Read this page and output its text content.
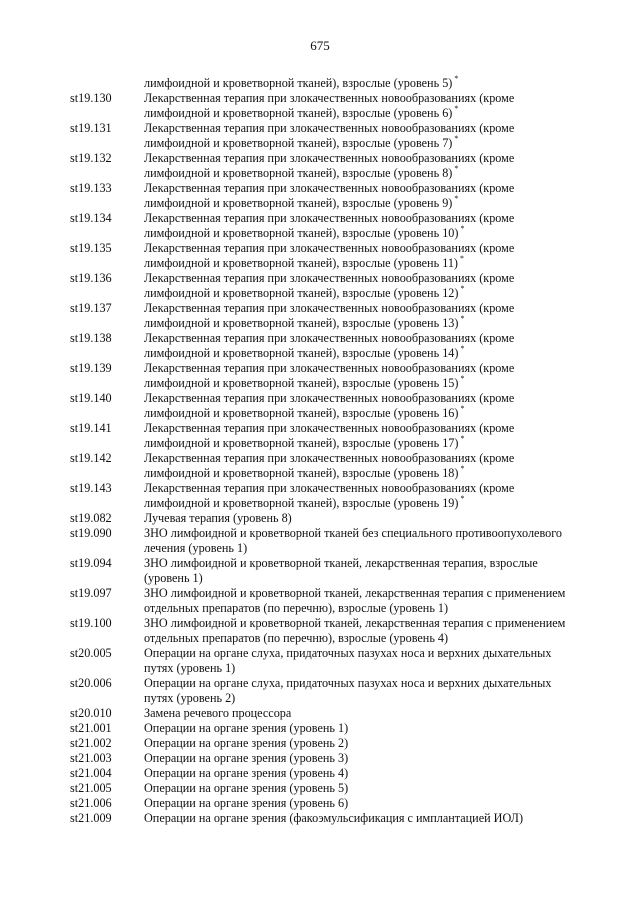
675
лимфоидной и кроветворной тканей), взрослые (уровень 5) *
st19.130	Лекарственная терапия при злокачественных новообразованиях (кроме
лимфоидной и кроветворной тканей), взрослые (уровень 6) *
st19.131	Лекарственная терапия при злокачественных новообразованиях (кроме
лимфоидной и кроветворной тканей), взрослые (уровень 7) *
st19.132	Лекарственная терапия при злокачественных новообразованиях (кроме
лимфоидной и кроветворной тканей), взрослые (уровень 8) *
st19.133	Лекарственная терапия при злокачественных новообразованиях (кроме
лимфоидной и кроветворной тканей), взрослые (уровень 9) *
st19.134	Лекарственная терапия при злокачественных новообразованиях (кроме
лимфоидной и кроветворной тканей), взрослые (уровень 10) *
st19.135	Лекарственная терапия при злокачественных новообразованиях (кроме
лимфоидной и кроветворной тканей), взрослые (уровень 11) *
st19.136	Лекарственная терапия при злокачественных новообразованиях (кроме
лимфоидной и кроветворной тканей), взрослые (уровень 12) *
st19.137	Лекарственная терапия при злокачественных новообразованиях (кроме
лимфоидной и кроветворной тканей), взрослые (уровень 13) *
st19.138	Лекарственная терапия при злокачественных новообразованиях (кроме
лимфоидной и кроветворной тканей), взрослые (уровень 14) *
st19.139	Лекарственная терапия при злокачественных новообразованиях (кроме
лимфоидной и кроветворной тканей), взрослые (уровень 15) *
st19.140	Лекарственная терапия при злокачественных новообразованиях (кроме
лимфоидной и кроветворной тканей), взрослые (уровень 16) *
st19.141	Лекарственная терапия при злокачественных новообразованиях (кроме
лимфоидной и кроветворной тканей), взрослые (уровень 17) *
st19.142	Лекарственная терапия при злокачественных новообразованиях (кроме
лимфоидной и кроветворной тканей), взрослые (уровень 18) *
st19.143	Лекарственная терапия при злокачественных новообразованиях (кроме
лимфоидной и кроветворной тканей), взрослые (уровень 19) *
st19.082	Лучевая терапия (уровень 8)
st19.090	ЗНО лимфоидной и кроветворной тканей без специального противоопухолевого
лечения (уровень 1)
st19.094	ЗНО лимфоидной и кроветворной тканей, лекарственная терапия, взрослые
(уровень 1)
st19.097	ЗНО лимфоидной и кроветворной тканей, лекарственная терапия с применением
отдельных препаратов (по перечню), взрослые (уровень 1)
st19.100	ЗНО лимфоидной и кроветворной тканей, лекарственная терапия с применением
отдельных препаратов (по перечню), взрослые (уровень 4)
st20.005	Операции на органе слуха, придаточных пазухах носа и верхних дыхательных
путях (уровень 1)
st20.006	Операции на органе слуха, придаточных пазухах носа и верхних дыхательных
путях (уровень 2)
st20.010	Замена речевого процессора
st21.001	Операции на органе зрения (уровень 1)
st21.002	Операции на органе зрения (уровень 2)
st21.003	Операции на органе зрения (уровень 3)
st21.004	Операции на органе зрения (уровень 4)
st21.005	Операции на органе зрения (уровень 5)
st21.006	Операции на органе зрения (уровень 6)
st21.009	Операции на органе зрения (факоэмульсификация с имплантацией ИОЛ)
